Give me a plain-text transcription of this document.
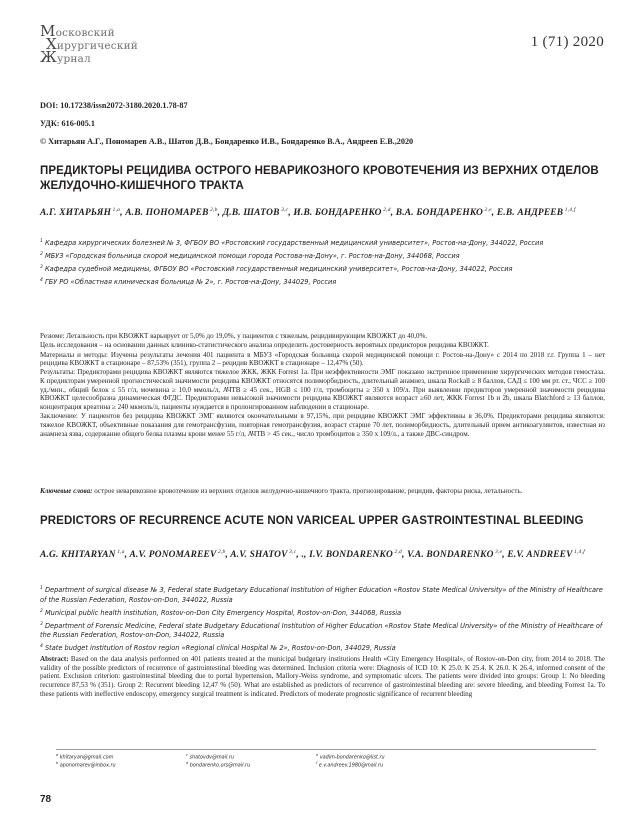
Московский
Хирургический
Журнал
1 (71) 2020
DOI: 10.17238/issn2072-3180.2020.1.78-87
УДК: 616-005.1
© Хитарьян А.Г., Пономарев А.В., Шатов Д.В., Бондаренко И.В., Бондаренко В.А., Андреев Е.В.,2020
ПРЕДИКТОРЫ РЕЦИДИВА ОСТРОГО НЕВАРИКОЗНОГО КРОВОТЕЧЕНИЯ ИЗ ВЕРХНИХ ОТДЕЛОВ ЖЕЛУДОЧНО-КИШЕЧНОГО ТРАКТА
А.Г. ХИТАРЬЯН $^{1,a}$, А.В. ПОНОМАРЕВ $^{2,b}$, Д.В. ШАТОВ $^{3,c}$, И.В. БОНДАРЕНКО $^{2,d}$, В.А. БОНДАРЕНКО $^{2,e}$, Е.В. АНДРЕЕВ $^{1,4,f}$
$^1$ Кафедра хирургических болезней № 3, ФГБОУ ВО «Ростовский государственный медицинский университет», Ростов-на-Дону, 344022, Россия
$^2$ МБУЗ «Городская больница скорой медицинской помощи города Ростова-на-Дону», г. Ростов-на-Дону, 344068, Россия
$^3$ Кафедра судебной медицины, ФГБОУ ВО «Ростовский государственный медицинский университет», Ростов-на-Дону, 344022, Россия
$^4$ ГБУ РО «Областная клиническая больница № 2», г. Ростов-на-Дону, 344029, Россия

Резюме: Летальность при КВОЖКТ варьирует от 5,0% до 19,0%, у пациентов с тяжелым, рецидивирующим КВОЖКТ до 40,0%.

Цель исследования – на основании данных клинико-статистического анализа определить достоверность вероятных предикторов рецидива КВОЖКТ.

Материалы и методы: Изучены результаты лечения 401 пациента в МБУЗ «Городская больница скорой медицинской помощи г. Ростов-на-Дону» с 2014 по 2018 г.г. Группа 1 – нет рецидива КВОЖКТ в стационаре – 87,53% (351), группа 2 – рецидив КВОЖКТ в стационаре – 12,47% (50).

Результаты: Предикторами рецидива КВОЖКТ являются тяжелое ЖКК, ЖКК Forrest 1а. При неэффективности ЭМГ показано экстренное применение хирургических методов гемостаза. К предикторам умеренной прогностической значимости рецидива КВОЖКТ относятся полиморбидность, длительный анамнез, шкала Rockall ≥ 8 баллов, САД ≤ 100 мм рт. ст., ЧСС ≥ 100 уд./мин., общий белок ≤ 55 г/л, мочевина ≥ 10,0 ммоль/л, АЧТВ ≥ 45 сек., HGB ≤ 100 г/л, тромбоциты ≥ 350 x 109/л. При выявлении предикторов умеренной значимости рецидива КВОЖКТ целесообразна динамическая ФГДС. Предикторами невысокой значимости рецидива КВОЖКТ являются возраст ≥60 лет, ЖКК Forrest 1b и 2b, шкала Blatchford ≥ 13 баллов, концентрация креатина ≥ 240 мкмоль/л, пациенты нуждается в пролонгированном наблюдении в стационаре.

Заключение: У пациентов без рецидива КВОЖКТ ЭМГ являются окончательными в 97,15%, при рецидиве КВОЖКТ ЭМГ эффективны в 36,0%. Предикторами рецидива являются: тяжелое КВОЖКТ, объективные показания для гемотрансфузии, повторная гемотрансфузия, возраст старше 70 лет, полиморбидность, длительный прием антикоагулянтов, известная из анамнеза язва, содержание общего белка плазмы крови менее 55 г/л, АЧТВ > 45 сек., число тромбоцитов ≥ 350 x 109/л., а также ДВС-синдром.

Ключевые слова: острое неварикозное кровотечение из верхних отделов желудочно-кишечного тракта, прогнозирование, рецидив, факторы риска, летальность.
PREDICTORS OF RECURRENCE ACUTE NON VARICEAL UPPER GASTROINTESTINAL BLEEDING
A.G. KHITARYAN $^{1,a}$, A.V. PONOMAREEV $^{2,b}$, A.V. SHATOV $^{3,c}$, ., I.V. BONDARENKO $^{2,d}$, V.A. BONDARENKO $^{3,e}$, E.V. ANDREEV $^{1,4,f}$
$^1$ Department of surgical disease № 3, Federal state Budgetary Educational Institution of Higher Education «Rostov State Medical University» of the Ministry of Healthcare of the Russian Federation, Rostov-on-Don, 344022, Russia
$^2$ Municipal public health institution, Rostov-on-Don City Emergency Hospital, Rostov-on-Don, 344068, Russia
$^3$ Department of Forensic Medicine, Federal state Budgetary Educational Institution of Higher Education «Rostov State Medical University» of the Ministry of Healthcare of the Russian Federation, Rostov-on-Don, 344022, Russia
$^4$ State budget institution of Rostov region «Regional clinical Hospital № 2», Rostov-on-Don, 344029, Russia
Abstract: Based on the data analysis performed on 401 patients treated at the municipal budgetary institutions Health «City Emergency Hospital», of Rostov-on-Don city, from 2014 to 2018. The validity of the possible predictors of recurrence of gastrointestinal bleeding was determined. Inclusion criteria were: Diagnosis of ICD 10: K 25.0. K 25.4. K 26.0. K 26.4, informed consent of the patient. Exclusion criterion: gastrointestinal bleeding due to portal hypertension, Mallory-Weiss syndrome, and symptomatic ulcers. The patients were divided into groups: Group 1: No bleeding recurrence 87,53 % (351). Group 2: Recurrent bleeding 12,47 % (50). What are established as predictors of recurrence of gastrointestinal bleeding are: severe bleeding, and bleeding Forrest 1a. To these patients with ineffective endoscopy, emergency surgical treatment is indicated. Predictors of moderate prognostic significance of recurrent bleeding
$^a$ khitaryan@gmail.com
$^b$ aponomarev@inbox.ru
$^c$ shatovdv@mail.ru
$^d$ bondarenko.ors@mail.ru
$^e$ vadim-bondarenko@list.ru
$^f$ e.v.andreev.1980@mail.ru
78
